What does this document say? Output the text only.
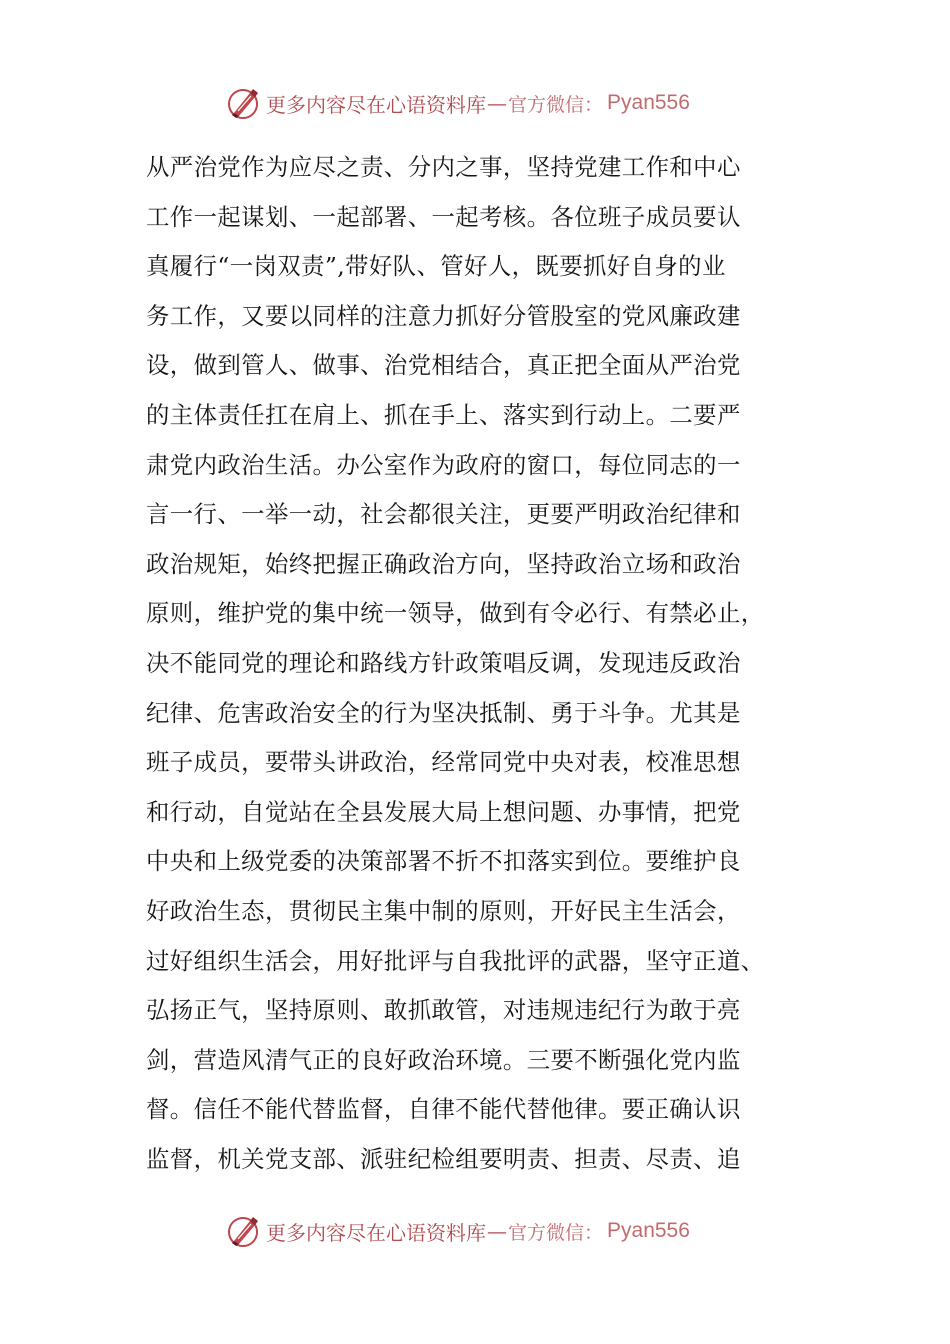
更多内容尽在心语资料库 — 官方微信： Pyan556
从严治党作为应尽之责、分内之事，坚持党建工作和中心
工作一起谋划、一起部署、一起考核。各位班子成员要认
真履行“一岗双责”,带好队、管好人，既要抓好自身的业
务工作，又要以同样的注意力抓好分管股室的党风廉政建
设，做到管人、做事、治党相结合，真正把全面从严治党
的主体责任扛在肩上、抓在手上、落实到行动上。二要严
肃党内政治生活。办公室作为政府的窗口，每位同志的一
言一行、一举一动，社会都很关注，更要严明政治纪律和
政治规矩，始终把握正确政治方向，坚持政治立场和政治
原则，维护党的集中统一领导，做到有令必行、有禁必止，
决不能同党的理论和路线方针政策唱反调，发现违反政治
纪律、危害政治安全的行为坚决抵制、勇于斗争。尤其是
班子成员，要带头讲政治，经常同党中央对表，校准思想
和行动，自觉站在全县发展大局上想问题、办事情，把党
中央和上级党委的决策部署不折不扣落实到位。要维护良
好政治生态，贯彻民主集中制的原则，开好民主生活会，
过好组织生活会，用好批评与自我批评的武器，坚守正道、
弘扬正气，坚持原则、敢抓敢管，对违规违纪行为敢于亮
剑，营造风清气正的良好政治环境。三要不断强化党内监
督。信任不能代替监督，自律不能代替他律。要正确认识
监督，机关党支部、派驻纪检组要明责、担责、尽责、追
更多内容尽在心语资料库 — 官方微信： Pyan556
